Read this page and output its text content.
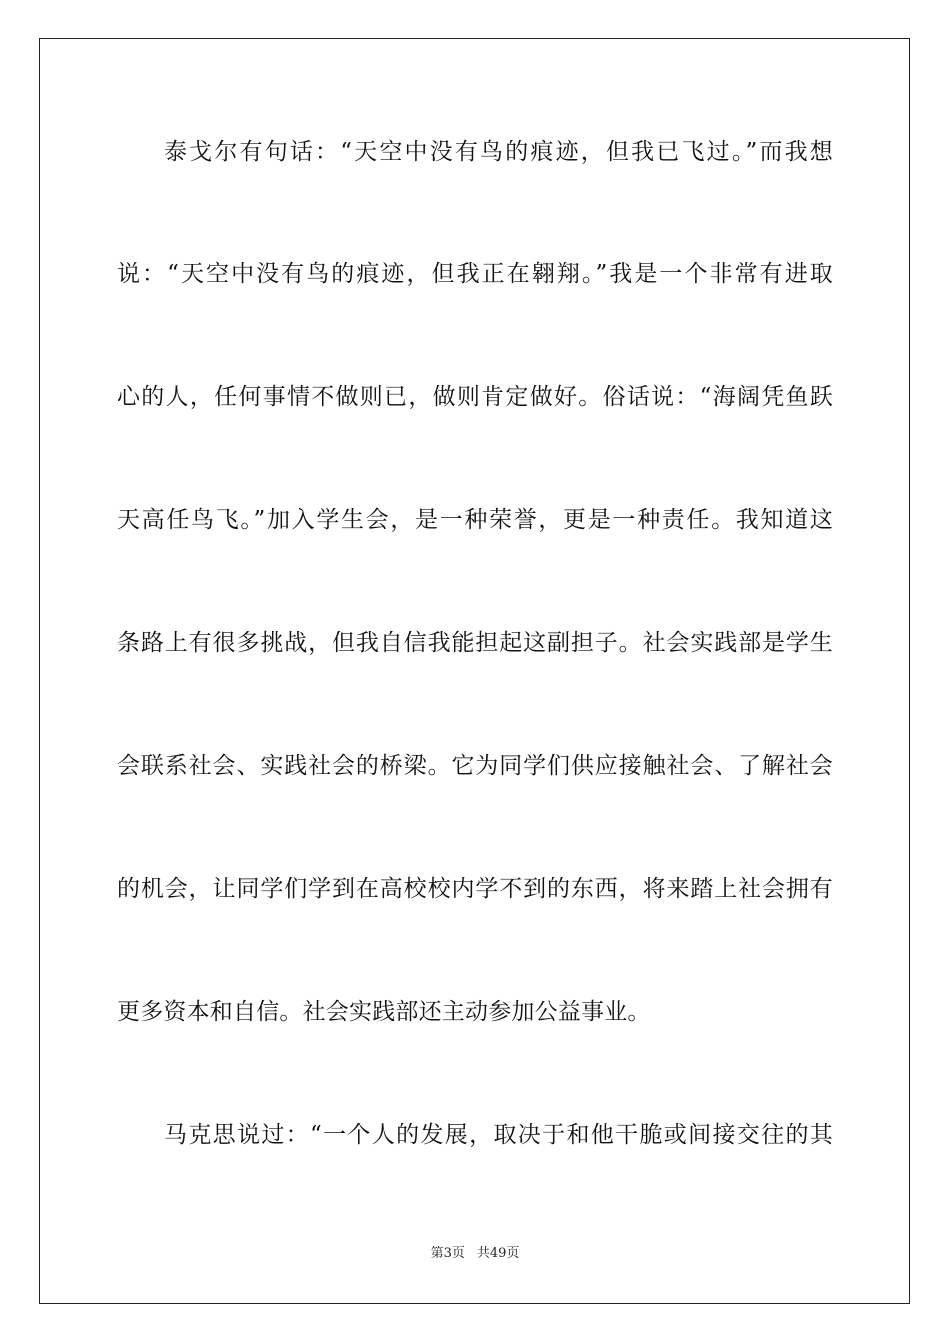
泰戈尔有句话：“天空中没有鸟的痕迹，但我已飞过。”而我想
说：“天空中没有鸟的痕迹，但我正在翱翔。”我是一个非常有进取
心的人，任何事情不做则已，做则肯定做好。俗话说：“海阔凭鱼跃
天高任鸟飞。”加入学生会，是一种荣誉，更是一种责任。我知道这
条路上有很多挑战，但我自信我能担起这副担子。社会实践部是学生
会联系社会、实践社会的桥梁。它为同学们供应接触社会、了解社会
的机会，让同学们学到在高校校内学不到的东西，将来踏上社会拥有
更多资本和自信。社会实践部还主动参加公益事业。
马克思说过：“一个人的发展，取决于和他干脆或间接交往的其
第3页 共49页
